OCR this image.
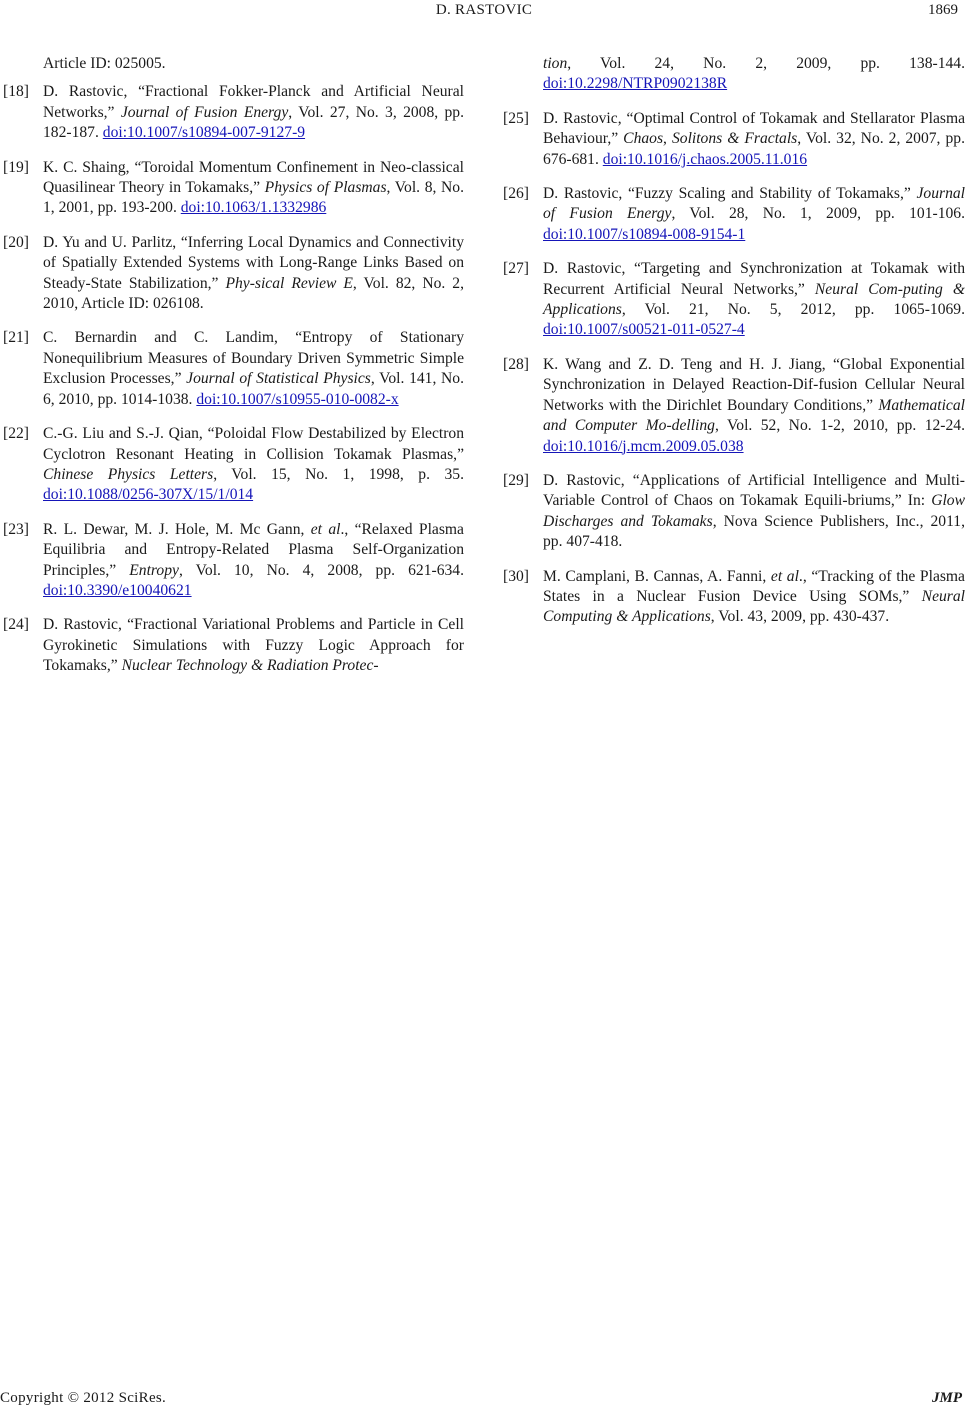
D. RASTOVIC	1869
Article ID: 025005.
[18] D. Rastovic, “Fractional Fokker-Planck and Artificial Neural Networks,” Journal of Fusion Energy, Vol. 27, No. 3, 2008, pp. 182-187. doi:10.1007/s10894-007-9127-9
[19] K. C. Shaing, “Toroidal Momentum Confinement in Neo-classical Quasilinear Theory in Tokamaks,” Physics of Plasmas, Vol. 8, No. 1, 2001, pp. 193-200. doi:10.1063/1.1332986
[20] D. Yu and U. Parlitz, “Inferring Local Dynamics and Connectivity of Spatially Extended Systems with Long-Range Links Based on Steady-State Stabilization,” Phy-sical Review E, Vol. 82, No. 2, 2010, Article ID: 026108.
[21] C. Bernardin and C. Landim, “Entropy of Stationary Nonequilibrium Measures of Boundary Driven Symmetric Simple Exclusion Processes,” Journal of Statistical Physics, Vol. 141, No. 6, 2010, pp. 1014-1038. doi:10.1007/s10955-010-0082-x
[22] C.-G. Liu and S.-J. Qian, “Poloidal Flow Destabilized by Electron Cyclotron Resonant Heating in Collision Tokamak Plasmas,” Chinese Physics Letters, Vol. 15, No. 1, 1998, p. 35. doi:10.1088/0256-307X/15/1/014
[23] R. L. Dewar, M. J. Hole, M. Mc Gann, et al., “Relaxed Plasma Equilibria and Entropy-Related Plasma Self-Organization Principles,” Entropy, Vol. 10, No. 4, 2008, pp. 621-634. doi:10.3390/e10040621
[24] D. Rastovic, “Fractional Variational Problems and Particle in Cell Gyrokinetic Simulations with Fuzzy Logic Approach for Tokamaks,” Nuclear Technology & Radiation Protec-
tion, Vol. 24, No. 2, 2009, pp. 138-144. doi:10.2298/NTRP0902138R
[25] D. Rastovic, “Optimal Control of Tokamak and Stellarator Plasma Behaviour,” Chaos, Solitons & Fractals, Vol. 32, No. 2, 2007, pp. 676-681. doi:10.1016/j.chaos.2005.11.016
[26] D. Rastovic, “Fuzzy Scaling and Stability of Tokamaks,” Journal of Fusion Energy, Vol. 28, No. 1, 2009, pp. 101-106. doi:10.1007/s10894-008-9154-1
[27] D. Rastovic, “Targeting and Synchronization at Tokamak with Recurrent Artificial Neural Networks,” Neural Com-puting & Applications, Vol. 21, No. 5, 2012, pp. 1065-1069. doi:10.1007/s00521-011-0527-4
[28] K. Wang and Z. D. Teng and H. J. Jiang, “Global Exponential Synchronization in Delayed Reaction-Dif-fusion Cellular Neural Networks with the Dirichlet Boundary Conditions,” Mathematical and Computer Mo-delling, Vol. 52, No. 1-2, 2010, pp. 12-24. doi:10.1016/j.mcm.2009.05.038
[29] D. Rastovic, “Applications of Artificial Intelligence and Multi-Variable Control of Chaos on Tokamak Equili-briums,” In: Glow Discharges and Tokamaks, Nova Science Publishers, Inc., 2011, pp. 407-418.
[30] M. Camplani, B. Cannas, A. Fanni, et al., “Tracking of the Plasma States in a Nuclear Fusion Device Using SOMs,” Neural Computing & Applications, Vol. 43, 2009, pp. 430-437.
Copyright © 2012 SciRes.	JMP
